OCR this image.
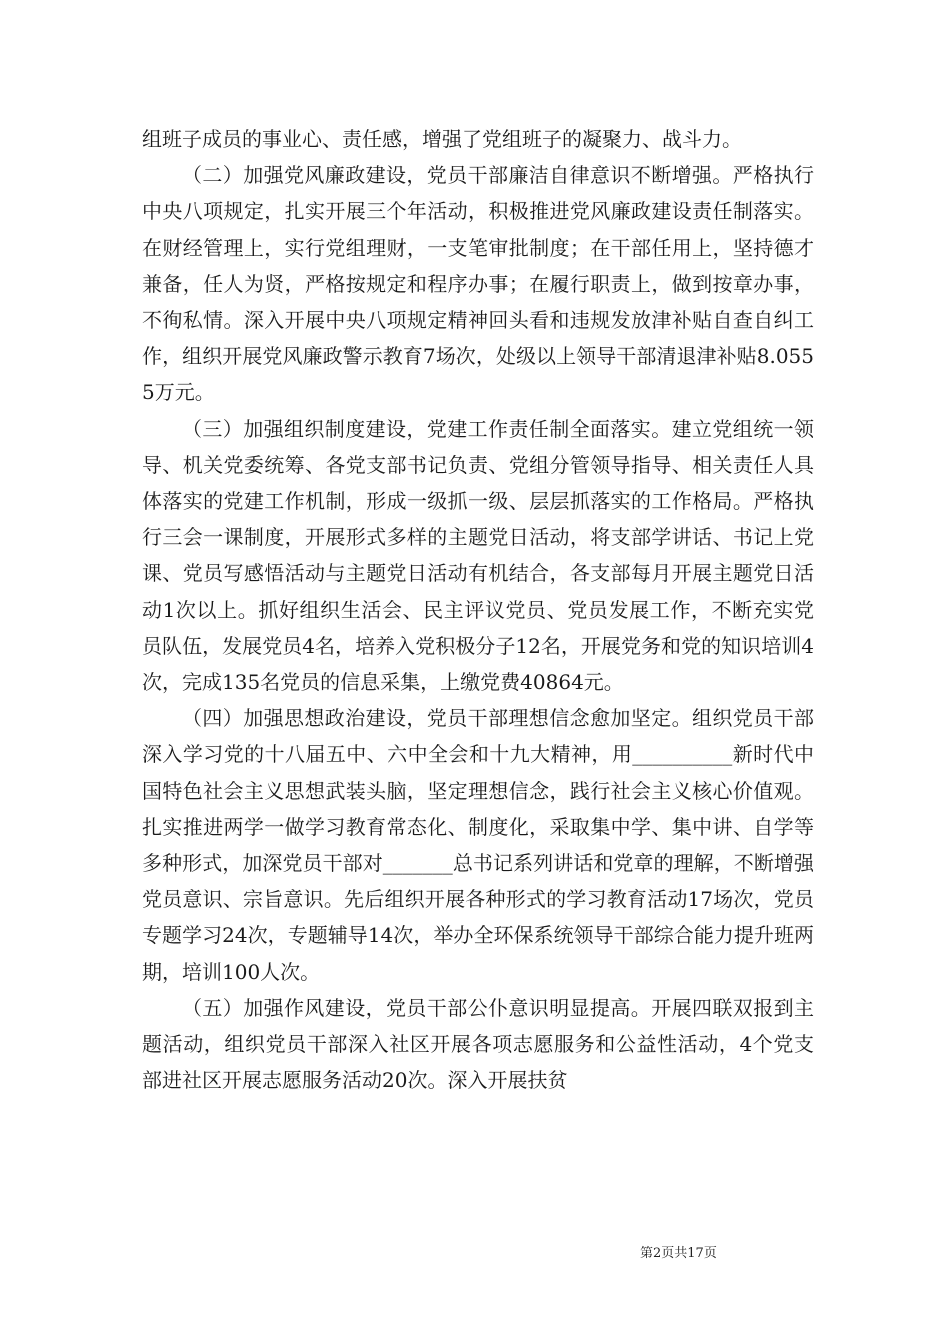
组班子成员的事业心、责任感，增强了党组班子的凝聚力、战斗力。

（二）加强党风廉政建设，党员干部廉洁自律意识不断增强。严格执行中央八项规定，扎实开展三个年活动，积极推进党风廉政建设责任制落实。在财经管理上，实行党组理财，一支笔审批制度；在干部任用上，坚持德才兼备，任人为贤，严格按规定和程序办事；在履行职责上，做到按章办事，不徇私情。深入开展中央八项规定精神回头看和违规发放津补贴自查自纠工作，组织开展党风廉政警示教育7场次，处级以上领导干部清退津补贴8.0555万元。

（三）加强组织制度建设，党建工作责任制全面落实。建立党组统一领导、机关党委统筹、各党支部书记负责、党组分管领导指导、相关责任人具体落实的党建工作机制，形成一级抓一级、层层抓落实的工作格局。严格执行三会一课制度，开展形式多样的主题党日活动，将支部学讲话、书记上党课、党员写感悟活动与主题党日活动有机结合，各支部每月开展主题党日活动1次以上。抓好组织生活会、民主评议党员、党员发展工作，不断充实党员队伍，发展党员4名，培养入党积极分子12名，开展党务和党的知识培训4次，完成135名党员的信息采集，上缴党费40864元。

（四）加强思想政治建设，党员干部理想信念愈加坚定。组织党员干部深入学习党的十八届五中、六中全会和十九大精神，用__________新时代中国特色社会主义思想武装头脑，坚定理想信念，践行社会主义核心价值观。扎实推进两学一做学习教育常态化、制度化，采取集中学、集中讲、自学等多种形式，加深党员干部对_______总书记系列讲话和党章的理解，不断增强党员意识、宗旨意识。先后组织开展各种形式的学习教育活动17场次，党员专题学习24次，专题辅导14次，举办全环保系统领导干部综合能力提升班两期，培训100人次。

（五）加强作风建设，党员干部公仆意识明显提高。开展四联双报到主题活动，组织党员干部深入社区开展各项志愿服务和公益性活动，4个党支部进社区开展志愿服务活动20次。深入开展扶贫

第2页共17页
